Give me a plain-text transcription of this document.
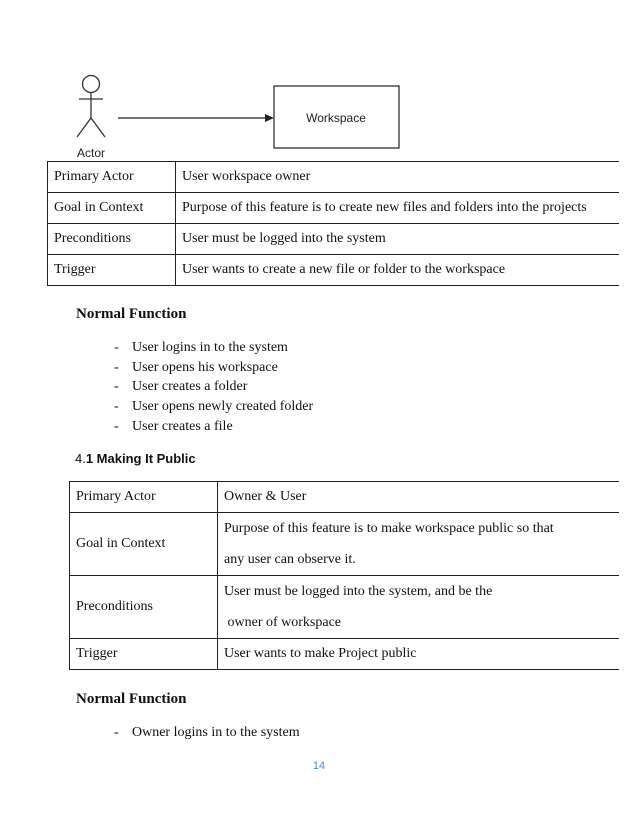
Actor
Workspace
Primary Actor	User workspace owner
Goal in Context	Purpose of this feature is to create new files and folders into the projects
Preconditions	User must be logged into the system
Trigger	User wants to create a new file or folder to the workspace
Normal Function
- User logins in to the system
- User opens his workspace
- User creates a folder
- User opens newly created folder
- User creates a file
4.1 Making It Public
Primary Actor	Owner & User
Goal in Context	Purpose of this feature is to make workspace public so that
any user can observe it.

Preconditions	User must be logged into the system, and be the
owner of workspace

Trigger	User wants to make Project public
Normal Function
- Owner logins in to the system
14
